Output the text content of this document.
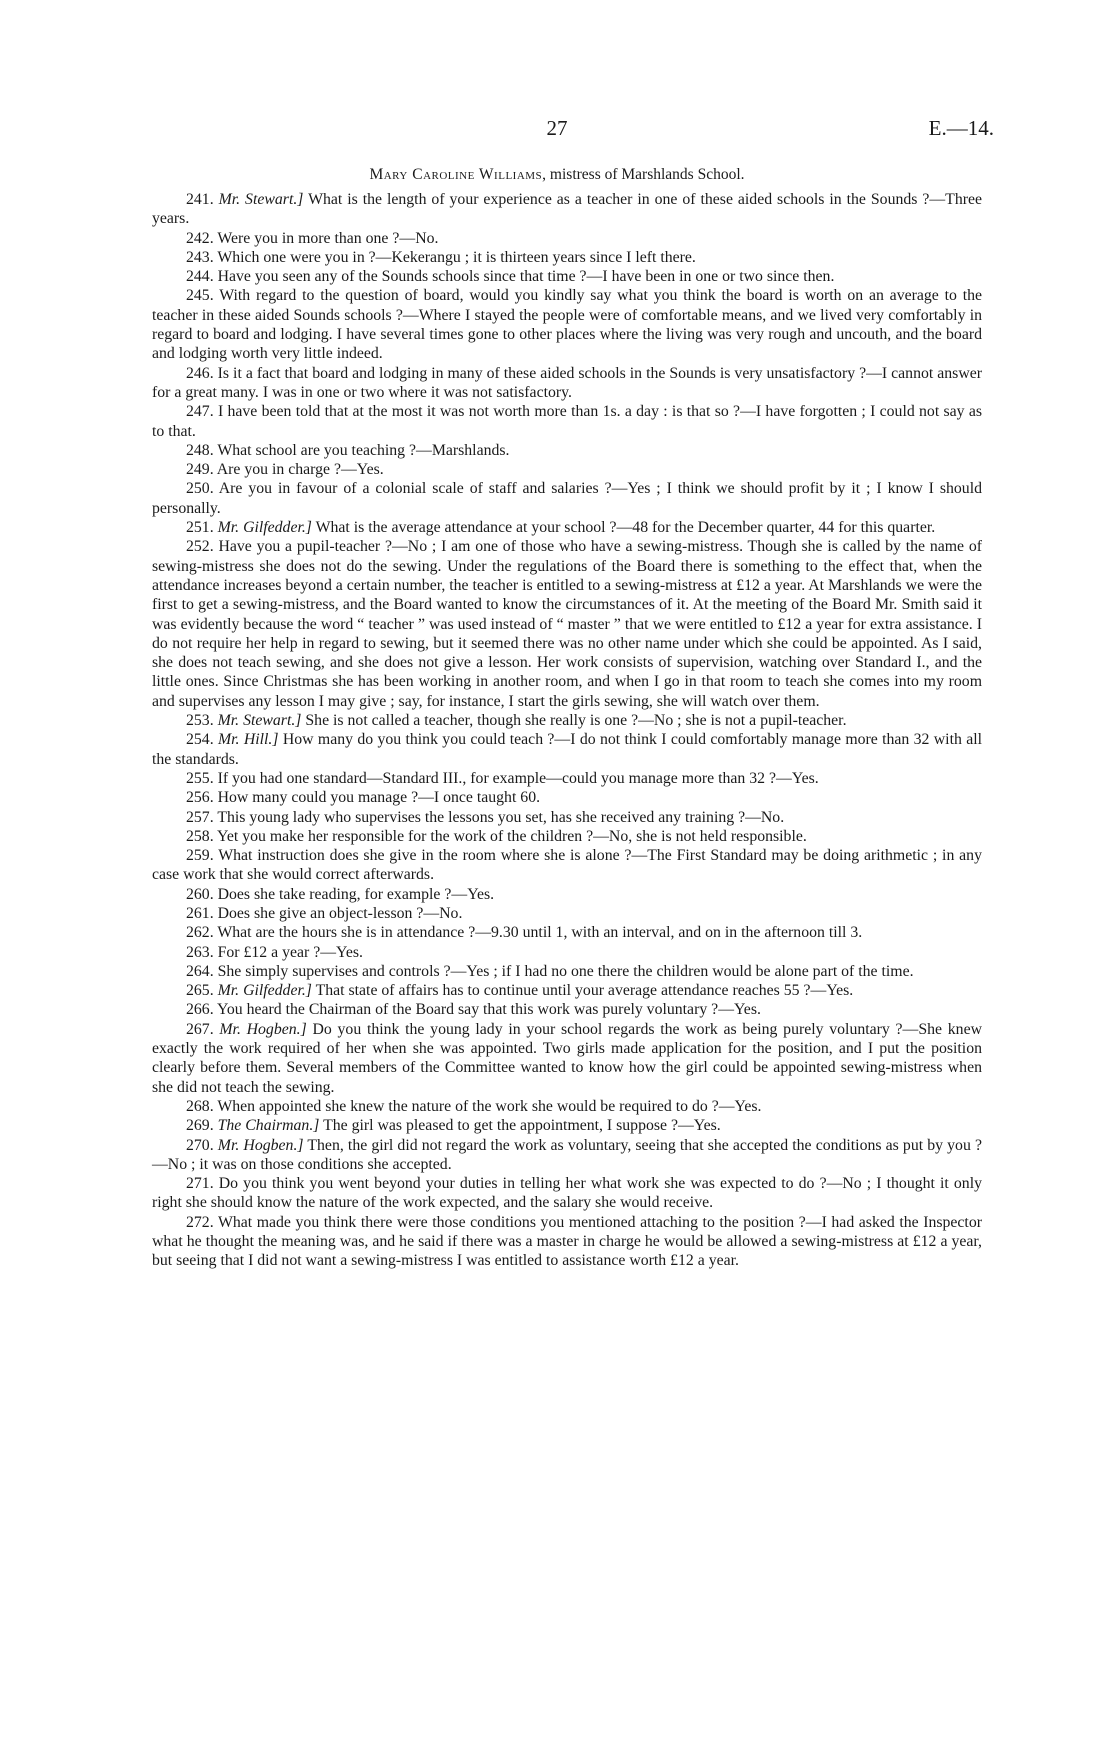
27	E.—14.
Mary Caroline Williams, mistress of Marshlands School.

241. Mr. Stewart.] What is the length of your experience as a teacher in one of these aided schools in the Sounds ?—Three years.

242. Were you in more than one ?—No.

243. Which one were you in ?—Kekerangu ; it is thirteen years since I left there.

244. Have you seen any of the Sounds schools since that time ?—I have been in one or two since then.

245. With regard to the question of board, would you kindly say what you think the board is worth on an average to the teacher in these aided Sounds schools ?—Where I stayed the people were of comfortable means, and we lived very comfortably in regard to board and lodging. I have several times gone to other places where the living was very rough and uncouth, and the board and lodging worth very little indeed.

246. Is it a fact that board and lodging in many of these aided schools in the Sounds is very unsatisfactory ?—I cannot answer for a great many. I was in one or two where it was not satisfactory.

247. I have been told that at the most it was not worth more than 1s. a day : is that so ?—I have forgotten ; I could not say as to that.

248. What school are you teaching ?—Marshlands.

249. Are you in charge ?—Yes.

250. Are you in favour of a colonial scale of staff and salaries ?—Yes ; I think we should profit by it ; I know I should personally.

251. Mr. Gilfedder.] What is the average attendance at your school ?—48 for the December quarter, 44 for this quarter.

252. Have you a pupil-teacher ?—No ; I am one of those who have a sewing-mistress. Though she is called by the name of sewing-mistress she does not do the sewing. Under the regulations of the Board there is something to the effect that, when the attendance increases beyond a certain number, the teacher is entitled to a sewing-mistress at £12 a year. At Marshlands we were the first to get a sewing-mistress, and the Board wanted to know the circumstances of it. At the meeting of the Board Mr. Smith said it was evidently because the word “ teacher ” was used instead of “ master ” that we were entitled to £12 a year for extra assistance. I do not require her help in regard to sewing, but it seemed there was no other name under which she could be appointed. As I said, she does not teach sewing, and she does not give a lesson. Her work consists of supervision, watching over Standard I., and the little ones. Since Christmas she has been working in another room, and when I go in that room to teach she comes into my room and supervises any lesson I may give ; say, for instance, I start the girls sewing, she will watch over them.

253. Mr. Stewart.] She is not called a teacher, though she really is one ?—No ; she is not a pupil-teacher.

254. Mr. Hill.] How many do you think you could teach ?—I do not think I could comfortably manage more than 32 with all the standards.

255. If you had one standard—Standard III., for example—could you manage more than 32 ?—Yes.

256. How many could you manage ?—I once taught 60.

257. This young lady who supervises the lessons you set, has she received any training ?—No.

258. Yet you make her responsible for the work of the children ?—No, she is not held responsible.

259. What instruction does she give in the room where she is alone ?—The First Standard may be doing arithmetic ; in any case work that she would correct afterwards.

260. Does she take reading, for example ?—Yes.

261. Does she give an object-lesson ?—No.

262. What are the hours she is in attendance ?—9.30 until 1, with an interval, and on in the afternoon till 3.

263. For £12 a year ?—Yes.

264. She simply supervises and controls ?—Yes ; if I had no one there the children would be alone part of the time.

265. Mr. Gilfedder.] That state of affairs has to continue until your average attendance reaches 55 ?—Yes.

266. You heard the Chairman of the Board say that this work was purely voluntary ?—Yes.

267. Mr. Hogben.] Do you think the young lady in your school regards the work as being purely voluntary ?—She knew exactly the work required of her when she was appointed. Two girls made application for the position, and I put the position clearly before them. Several members of the Committee wanted to know how the girl could be appointed sewing-mistress when she did not teach the sewing.

268. When appointed she knew the nature of the work she would be required to do ?—Yes.

269. The Chairman.] The girl was pleased to get the appointment, I suppose ?—Yes.

270. Mr. Hogben.] Then, the girl did not regard the work as voluntary, seeing that she accepted the conditions as put by you ?—No ; it was on those conditions she accepted.

271. Do you think you went beyond your duties in telling her what work she was expected to do ?—No ; I thought it only right she should know the nature of the work expected, and the salary she would receive.

272. What made you think there were those conditions you mentioned attaching to the position ?—I had asked the Inspector what he thought the meaning was, and he said if there was a master in charge he would be allowed a sewing-mistress at £12 a year, but seeing that I did not want a sewing-mistress I was entitled to assistance worth £12 a year.
